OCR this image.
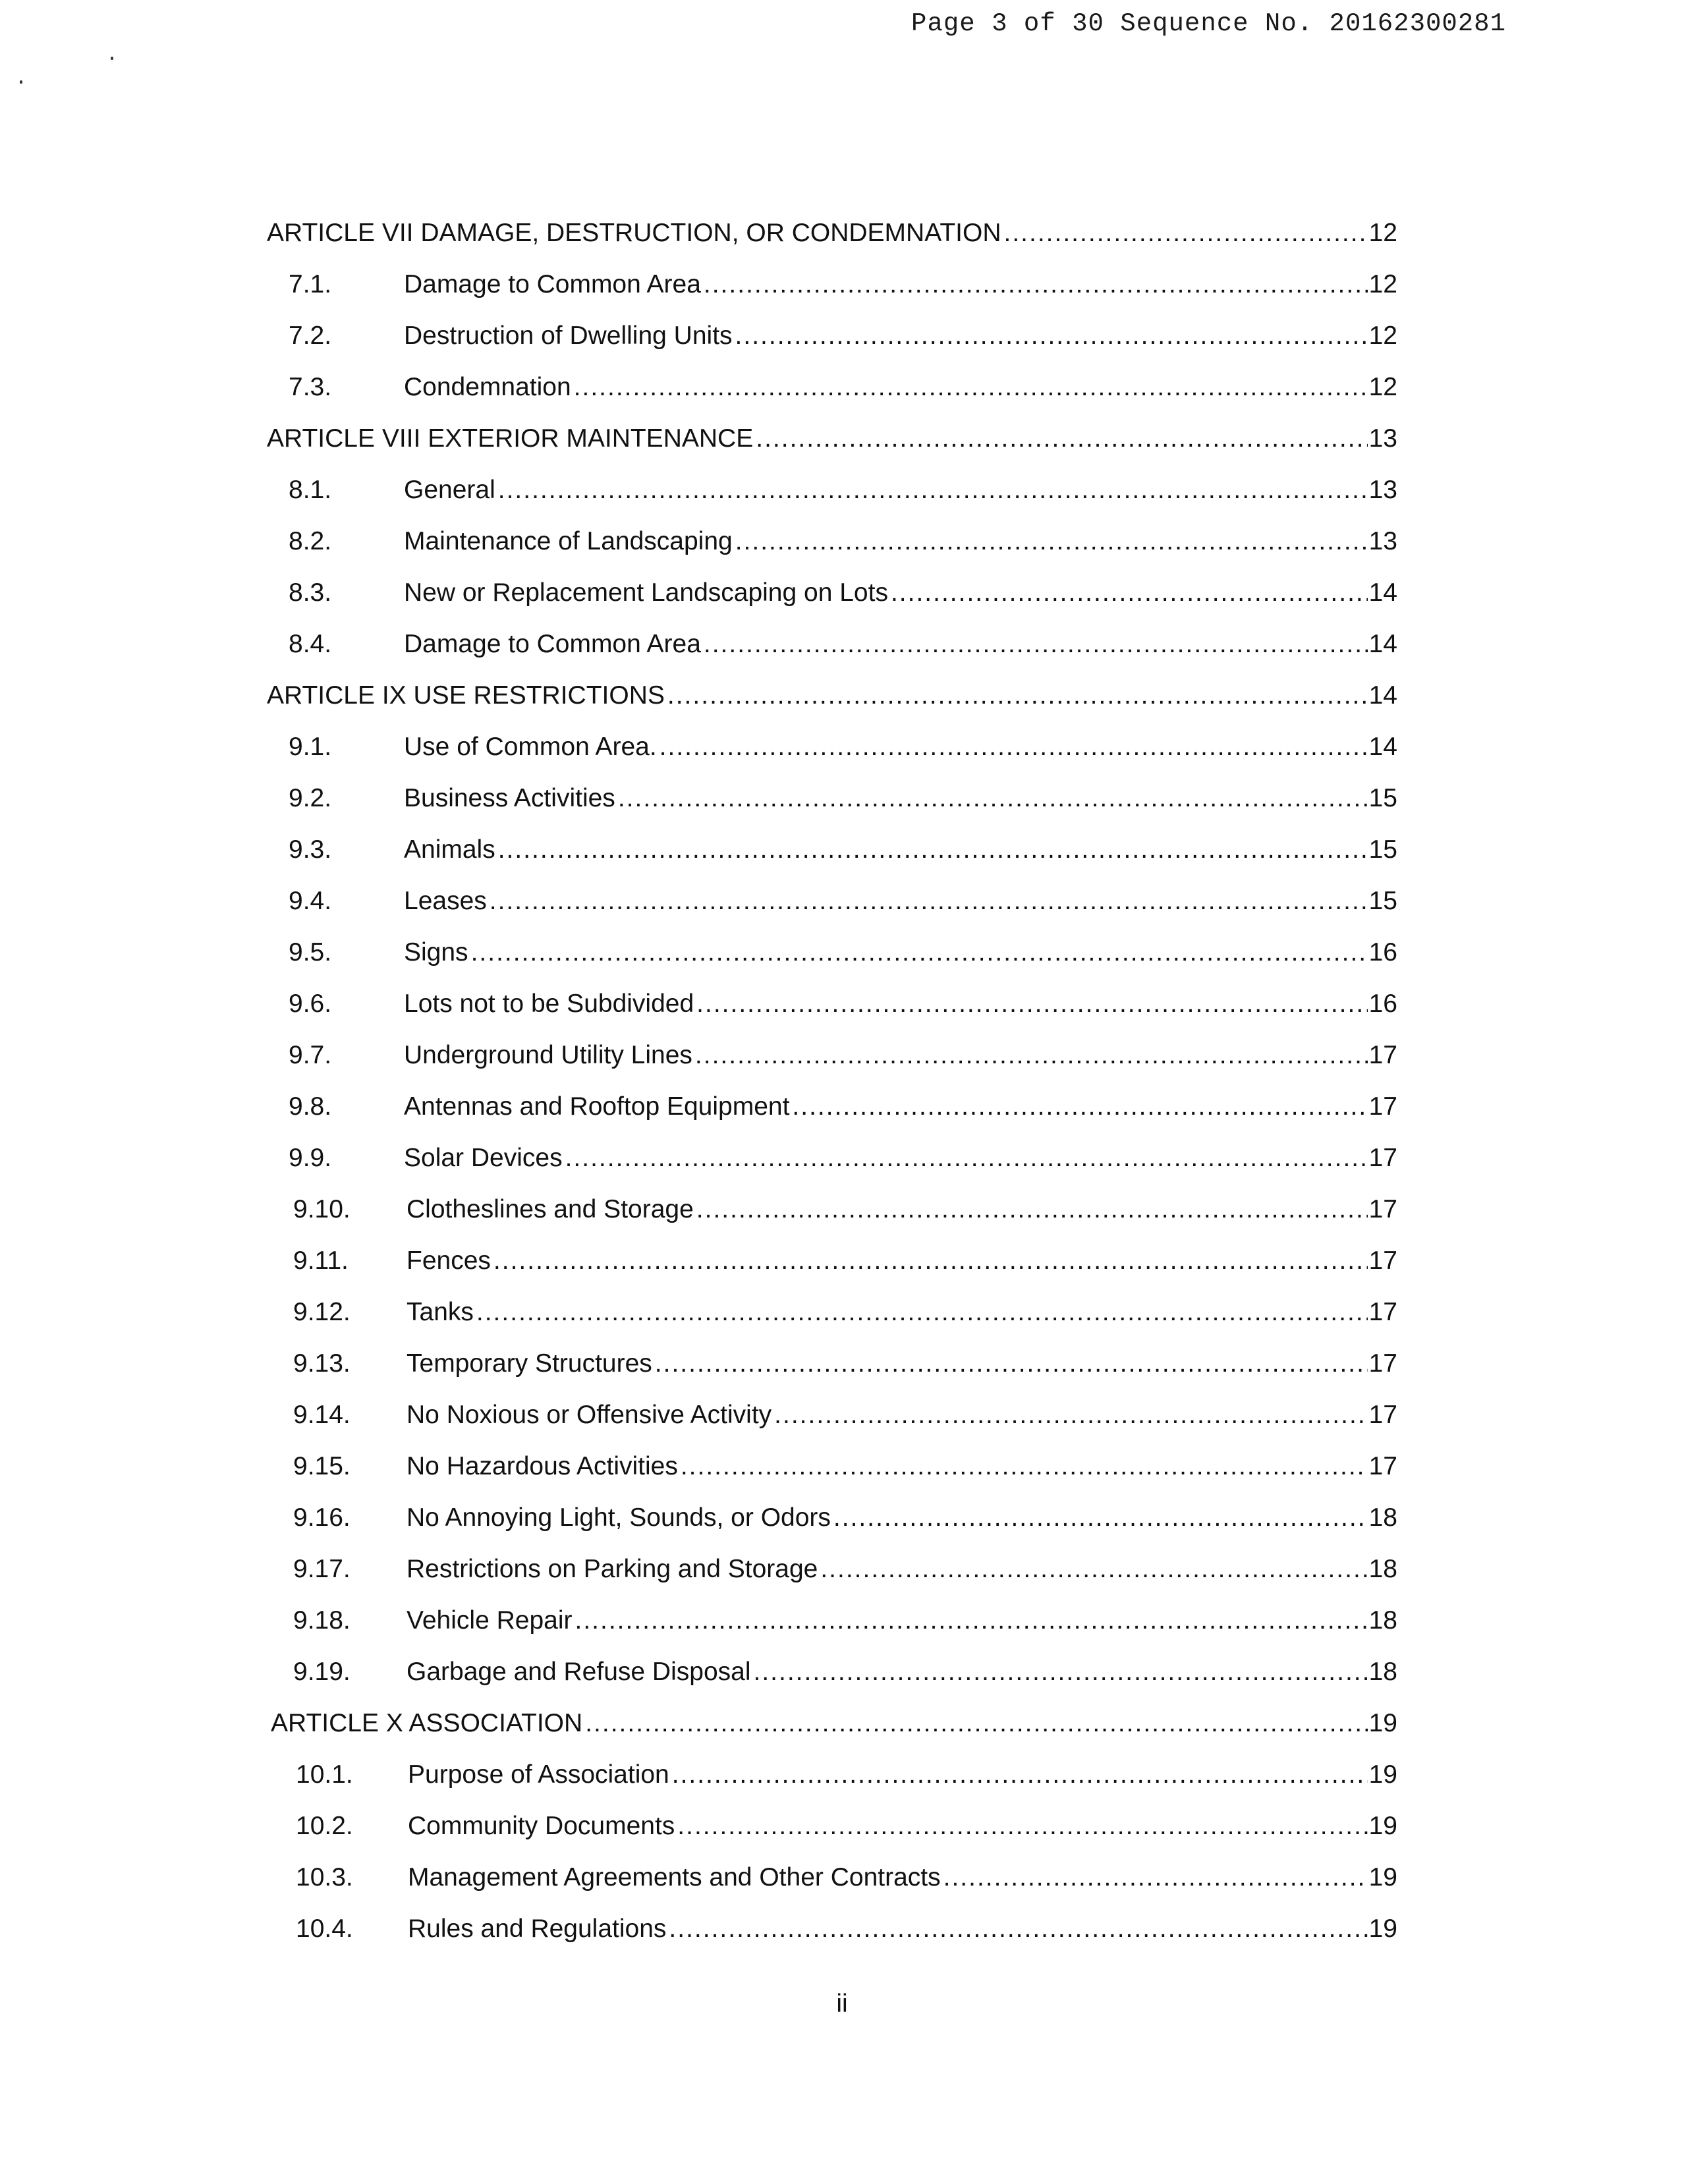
Page 3 of 30 Sequence No. 20162300281
ARTICLE VII DAMAGE, DESTRUCTION, OR CONDEMNATION .....	12
7.1.	Damage to Common Area .....	12
7.2.	Destruction of Dwelling Units .....	12
7.3.	Condemnation .....	12
ARTICLE VIII EXTERIOR MAINTENANCE .....	13
8.1.	General .....	13
8.2.	Maintenance of Landscaping .....	13
8.3.	New or Replacement Landscaping on Lots .....	14
8.4.	Damage to Common Area .....	14
ARTICLE IX USE RESTRICTIONS .....	14
9.1.	Use of Common Area. .....	14
9.2.	Business Activities .....	15
9.3.	Animals .....	15
9.4.	Leases .....	15
9.5.	Signs .....	16
9.6.	Lots not to be Subdivided .....	16
9.7.	Underground Utility Lines .....	17
9.8.	Antennas and Rooftop Equipment .....	17
9.9.	Solar Devices .....	17
9.10.	Clotheslines and Storage .....	17
9.11.	Fences .....	17
9.12.	Tanks .....	17
9.13.	Temporary Structures .....	17
9.14.	No Noxious or Offensive Activity .....	17
9.15.	No Hazardous Activities .....	17
9.16.	No Annoying Light, Sounds, or Odors .....	18
9.17.	Restrictions on Parking and Storage .....	18
9.18.	Vehicle Repair .....	18
9.19.	Garbage and Refuse Disposal .....	18
ARTICLE X ASSOCIATION .....	19
10.1.	Purpose of Association .....	19
10.2.	Community Documents .....	19
10.3.	Management Agreements and Other Contracts .....	19
10.4.	Rules and Regulations .....	19
ii
